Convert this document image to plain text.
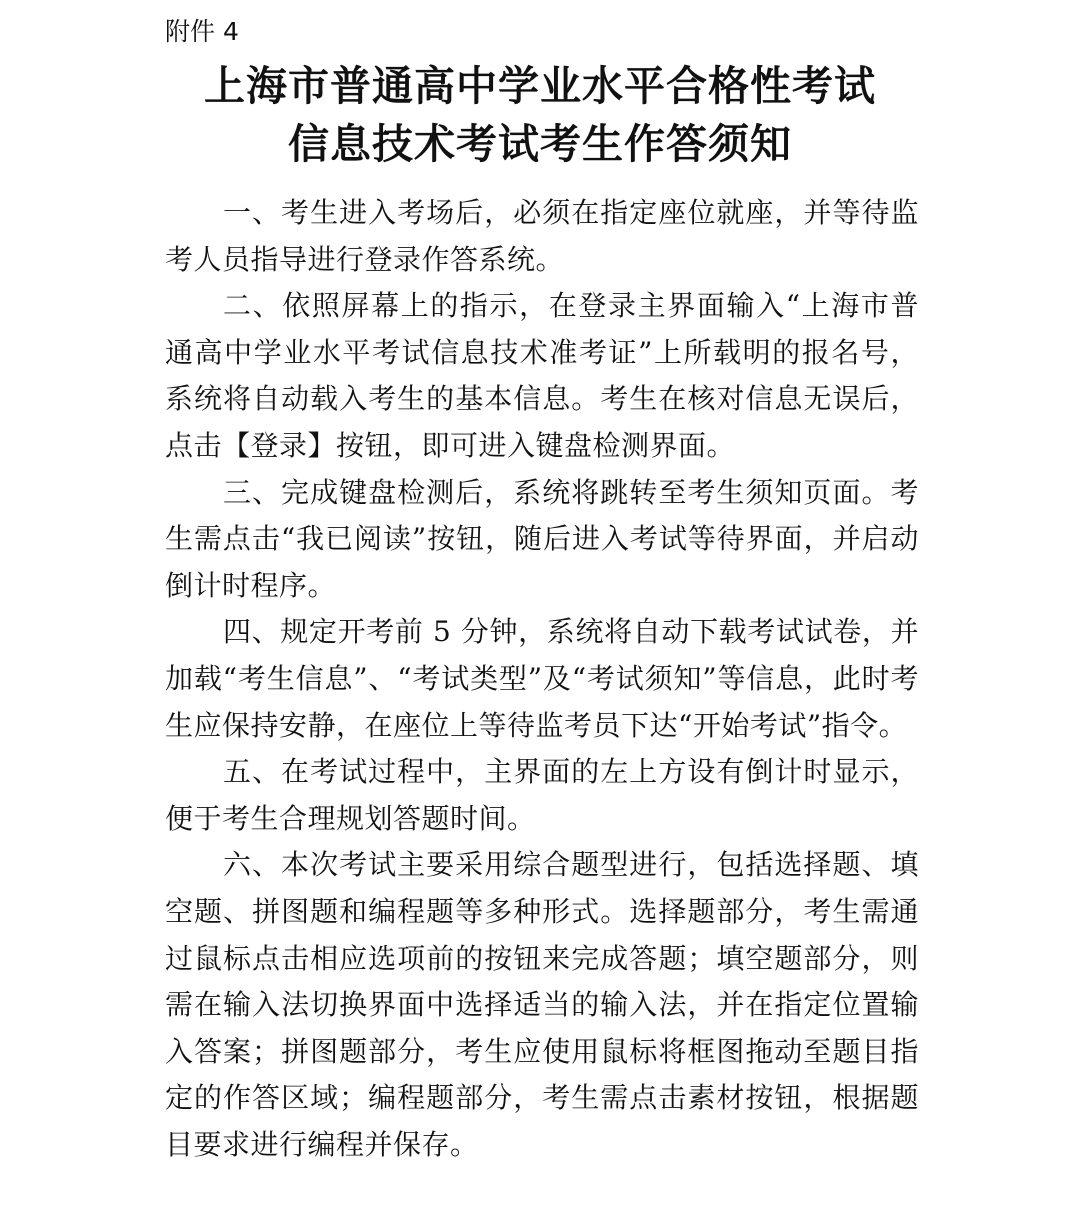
附件 4
上海市普通高中学业水平合格性考试
信息技术考试考生作答须知

一、考生进入考场后，必须在指定座位就座，并等待监考人员指导进行登录作答系统。

二、依照屏幕上的指示，在登录主界面输入“上海市普通高中学业水平考试信息技术准考证”上所载明的报名号，系统将自动载入考生的基本信息。考生在核对信息无误后，点击【登录】按钮，即可进入键盘检测界面。

三、完成键盘检测后，系统将跳转至考生须知页面。考生需点击“我已阅读”按钮，随后进入考试等待界面，并启动倒计时程序。

四、规定开考前 5 分钟，系统将自动下载考试试卷，并加载“考生信息”、“考试类型”及“考试须知”等信息，此时考生应保持安静，在座位上等待监考员下达“开始考试”指令。

五、在考试过程中，主界面的左上方设有倒计时显示，便于考生合理规划答题时间。

六、本次考试主要采用综合题型进行，包括选择题、填空题、拼图题和编程题等多种形式。选择题部分，考生需通过鼠标点击相应选项前的按钮来完成答题；填空题部分，则需在输入法切换界面中选择适当的输入法，并在指定位置输入答案；拼图题部分，考生应使用鼠标将框图拖动至题目指定的作答区域；编程题部分，考生需点击素材按钮，根据题目要求进行编程并保存。
